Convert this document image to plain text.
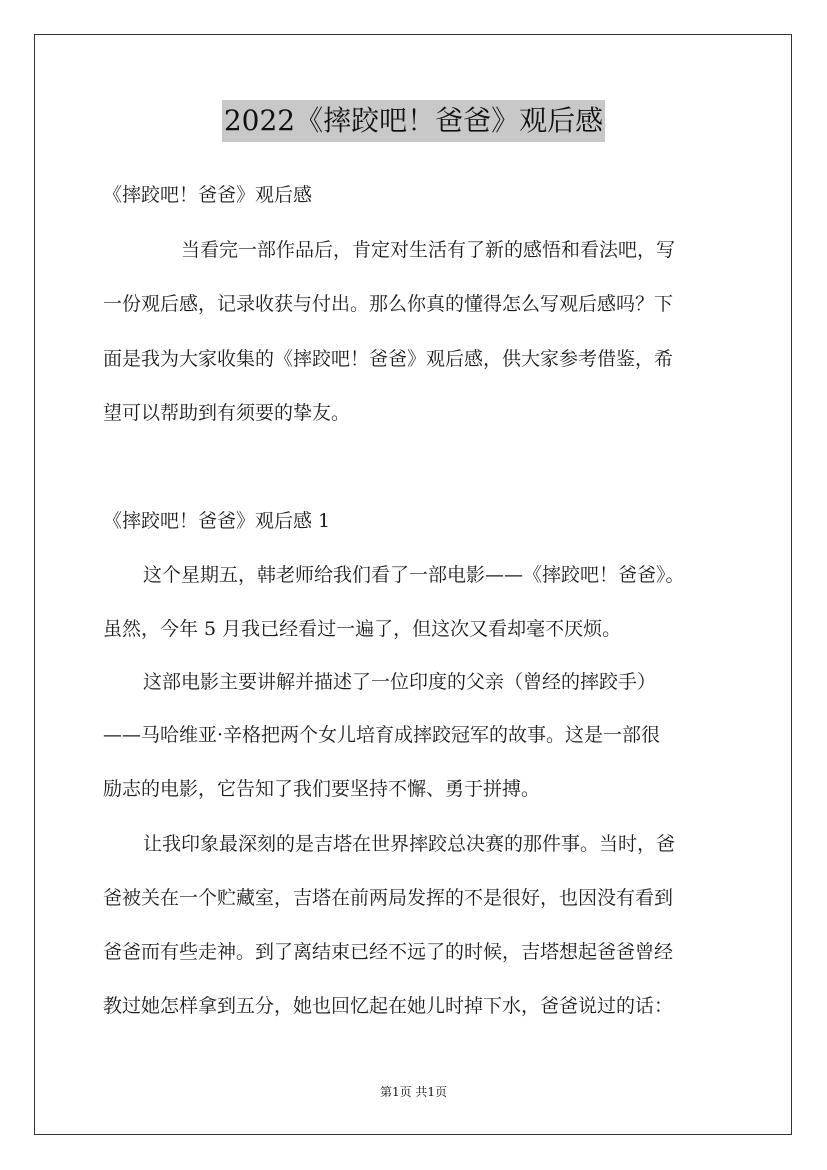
2022《摔跤吧！爸爸》观后感

《摔跤吧！爸爸》观后感

当看完一部作品后，肯定对生活有了新的感悟和看法吧，写

一份观后感，记录收获与付出。那么你真的懂得怎么写观后感吗？下

面是我为大家收集的《摔跤吧！爸爸》观后感，供大家参考借鉴，希

望可以帮助到有须要的挚友。

《摔跤吧！爸爸》观后感 1

这个星期五，韩老师给我们看了一部电影——《摔跤吧！爸爸》。

虽然，今年 5 月我已经看过一遍了，但这次又看却毫不厌烦。

这部电影主要讲解并描述了一位印度的父亲（曾经的摔跤手）

——马哈维亚·辛格把两个女儿培育成摔跤冠军的故事。这是一部很

励志的电影，它告知了我们要坚持不懈、勇于拼搏。

让我印象最深刻的是吉塔在世界摔跤总决赛的那件事。当时，爸

爸被关在一个贮藏室，吉塔在前两局发挥的不是很好，也因没有看到

爸爸而有些走神。到了离结束已经不远了的时候，吉塔想起爸爸曾经

教过她怎样拿到五分，她也回忆起在她儿时掉下水，爸爸说过的话：

第1页 共1页
